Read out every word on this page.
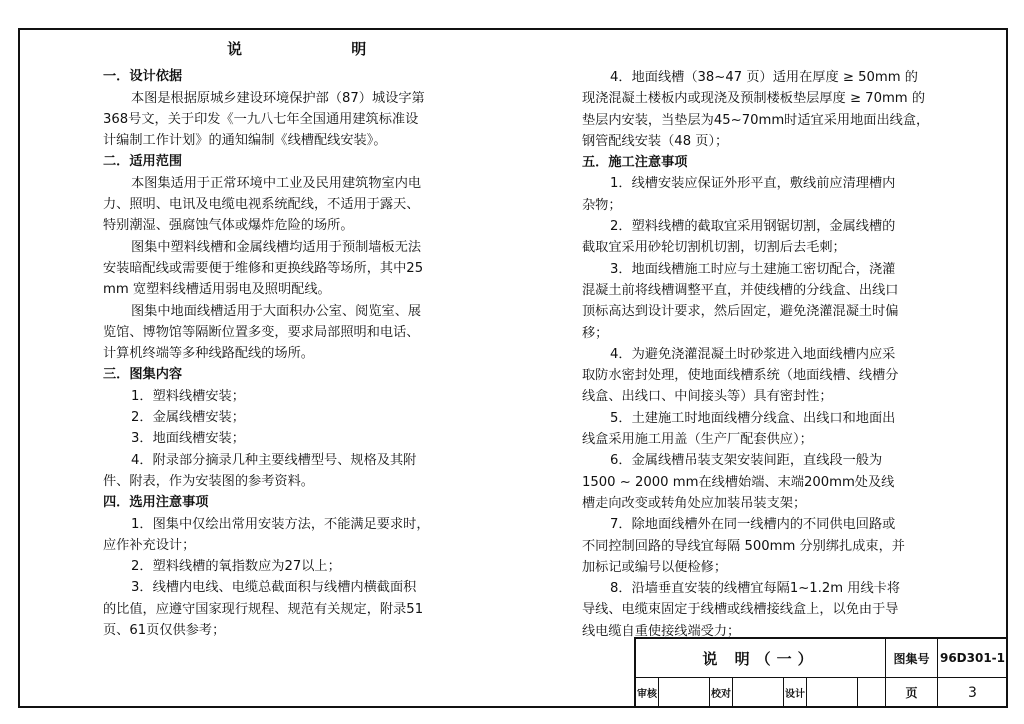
说 明

一．设计依据

本图是根据原城乡建设环境保护部（87）城设字第

368号文，关于印发《一九八七年全国通用建筑标准设

计编制工作计划》的通知编制《线槽配线安装》。

二．适用范围

本图集适用于正常环境中工业及民用建筑物室内电

力、照明、电讯及电缆电视系统配线，不适用于露天、

特别潮湿、强腐蚀气体或爆炸危险的场所。

图集中塑料线槽和金属线槽均适用于预制墙板无法

安装暗配线或需要便于维修和更换线路等场所，其中25

mm 宽塑料线槽适用弱电及照明配线。

图集中地面线槽适用于大面积办公室、阅览室、展

览馆、博物馆等隔断位置多变，要求局部照明和电话、

计算机终端等多种线路配线的场所。

三．图集内容

1．塑料线槽安装；

2．金属线槽安装；

3．地面线槽安装；

4．附录部分摘录几种主要线槽型号、规格及其附

件、附表，作为安装图的参考资料。

四．选用注意事项

1．图集中仅绘出常用安装方法，不能满足要求时，

应作补充设计；

2．塑料线槽的氧指数应为27以上；

3．线槽内电线、电缆总截面积与线槽内横截面积

的比值，应遵守国家现行规程、规范有关规定，附录51

页、61页仅供参考；

4．地面线槽（38~47 页）适用在厚度 ≥ 50mm 的

现浇混凝土楼板内或现浇及预制楼板垫层厚度 ≥ 70mm 的

垫层内安装，当垫层为45~70mm时适宜采用地面出线盒，

钢管配线安装（48 页）；

五．施工注意事项

1．线槽安装应保证外形平直，敷线前应清理槽内

杂物；

2．塑料线槽的截取宜采用钢锯切割，金属线槽的

截取宜采用砂轮切割机切割，切割后去毛刺；

3．地面线槽施工时应与土建施工密切配合，浇灌

混凝土前将线槽调整平直，并使线槽的分线盒、出线口

顶标高达到设计要求，然后固定，避免浇灌混凝土时偏

移；

4．为避免浇灌混凝土时砂浆进入地面线槽内应采

取防水密封处理，使地面线槽系统（地面线槽、线槽分

线盒、出线口、中间接头等）具有密封性；

5．土建施工时地面线槽分线盒、出线口和地面出

线盒采用施工用盖（生产厂配套供应）；

6．金属线槽吊装支架安装间距，直线段一般为

1500 ~ 2000 mm在线槽始端、末端200mm处及线

槽走向改变或转角处应加装吊装支架；

7．除地面线槽外在同一线槽内的不同供电回路或

不同控制回路的导线宜每隔 500mm 分别绑扎成束，并

加标记或编号以便检修；

8．沿墙垂直安装的线槽宜每隔1~1.2m 用线卡将

导线、电缆束固定于线槽或线槽接线盒上，以免由于导

线电缆自重使接线端受力；

说 明（一）	图集号 96D301-1
审核	校对	设计	页	3
